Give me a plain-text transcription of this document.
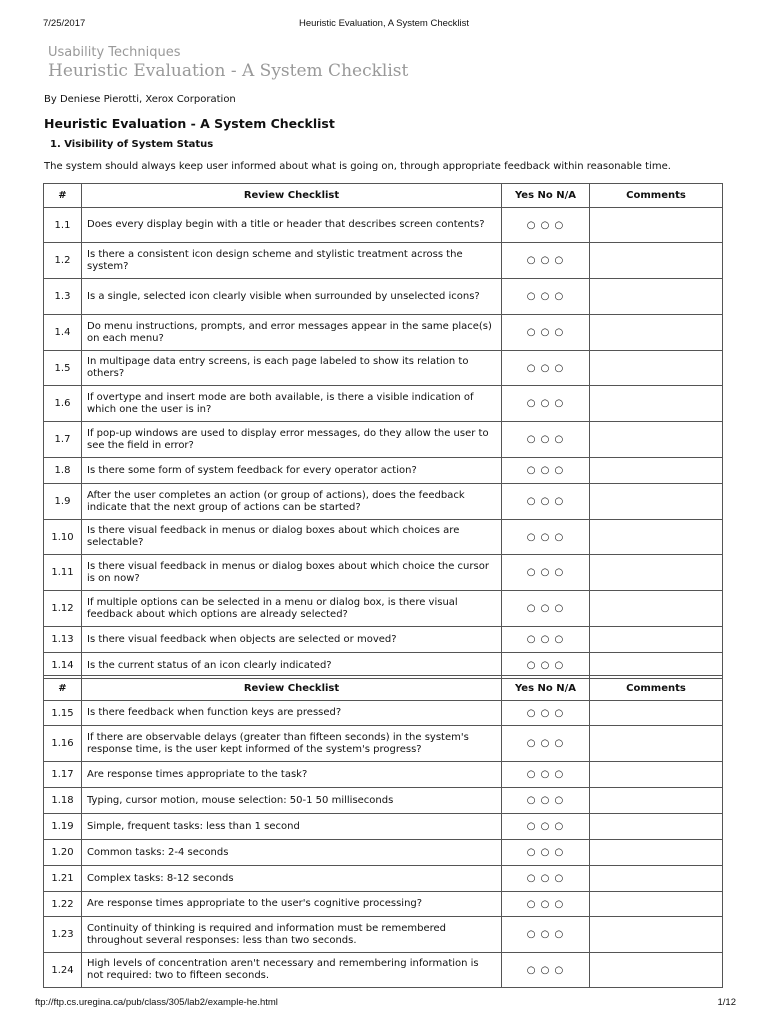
7/25/2017	Heuristic Evaluation, A System Checklist
Usability Techniques
Heuristic Evaluation - A System Checklist
By Deniese Pierotti, Xerox Corporation
Heuristic Evaluation - A System Checklist
1. Visibility of System Status
The system should always keep user informed about what is going on, through appropriate feedback within reasonable time.
#	Review Checklist	Yes No N/A	Comments
1.1	Does every display begin with a title or header that describes screen contents?	○ ○ ○	
1.2	Is there a consistent icon design scheme and stylistic treatment across the system?	○ ○ ○	
1.3	Is a single, selected icon clearly visible when surrounded by unselected icons?	○ ○ ○	
1.4	Do menu instructions, prompts, and error messages appear in the same place(s) on each menu?	○ ○ ○	
1.5	In multipage data entry screens, is each page labeled to show its relation to others?	○ ○ ○	
1.6	If overtype and insert mode are both available, is there a visible indication of which one the user is in?	○ ○ ○	
1.7	If pop-up windows are used to display error messages, do they allow the user to see the field in error?	○ ○ ○	
1.8	Is there some form of system feedback for every operator action?	○ ○ ○	
1.9	After the user completes an action (or group of actions), does the feedback indicate that the next group of actions can be started?	○ ○ ○	
1.10	Is there visual feedback in menus or dialog boxes about which choices are selectable?	○ ○ ○	
1.11	Is there visual feedback in menus or dialog boxes about which choice the cursor is on now?	○ ○ ○	
1.12	If multiple options can be selected in a menu or dialog box, is there visual feedback about which options are already selected?	○ ○ ○	
1.13	Is there visual feedback when objects are selected or moved?	○ ○ ○	
1.14	Is the current status of an icon clearly indicated?	○ ○ ○	
#	Review Checklist	Yes No N/A	Comments
1.15	Is there feedback when function keys are pressed?	○ ○ ○	
1.16	If there are observable delays (greater than fifteen seconds) in the system's response time, is the user kept informed of the system's progress?	○ ○ ○	
1.17	Are response times appropriate to the task?	○ ○ ○	
1.18	Typing, cursor motion, mouse selection: 50-1 50 milliseconds	○ ○ ○	
1.19	Simple, frequent tasks: less than 1 second	○ ○ ○	
1.20	Common tasks: 2-4 seconds	○ ○ ○	
1.21	Complex tasks: 8-12 seconds	○ ○ ○	
1.22	Are response times appropriate to the user's cognitive processing?	○ ○ ○	
1.23	Continuity of thinking is required and information must be remembered throughout several responses: less than two seconds.	○ ○ ○	
1.24	High levels of concentration aren't necessary and remembering information is not required: two to fifteen seconds.	○ ○ ○	
ftp://ftp.cs.uregina.ca/pub/class/305/lab2/example-he.html	1/12
